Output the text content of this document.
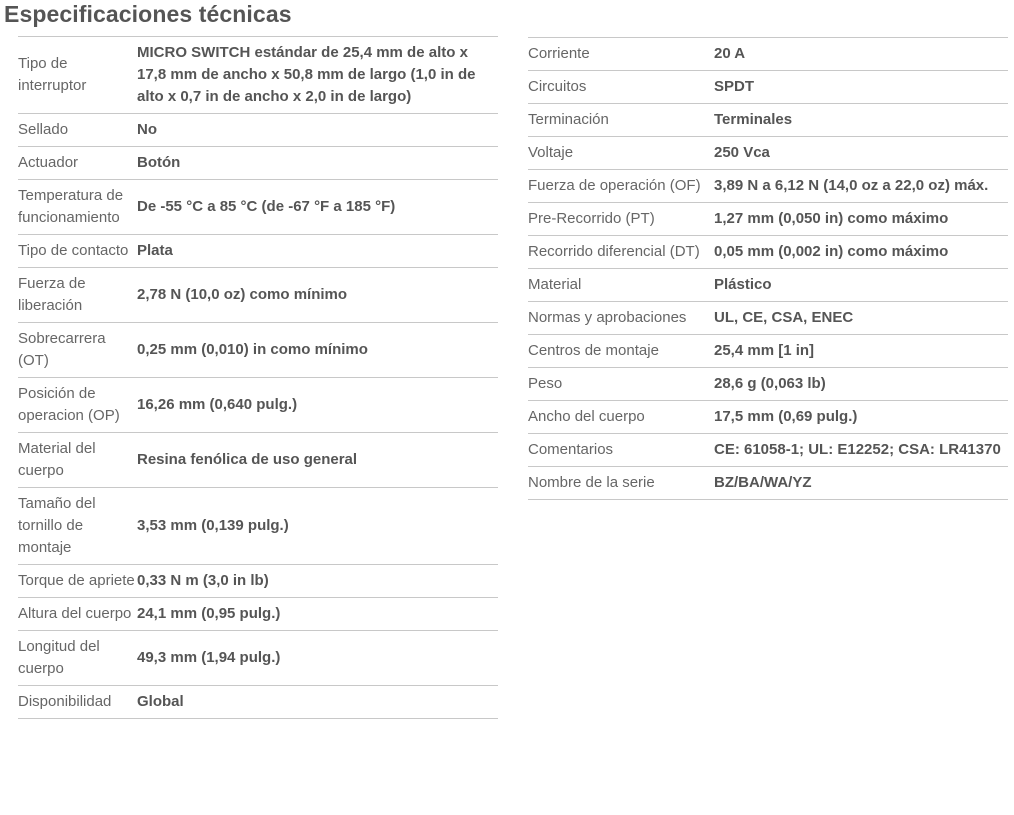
Especificaciones técnicas
Tipo de interruptor	MICRO SWITCH estándar de 25,4 mm de alto x 17,8 mm de ancho x 50,8 mm de largo (1,0 in de alto x 0,7 in de ancho x 2,0 in de largo)
Sellado	No
Actuador	Botón
Temperatura de funcionamiento	De -55 °C a 85 °C (de -67 °F a 185 °F)
Tipo de contacto	Plata
Fuerza de liberación	2,78 N (10,0 oz) como mínimo
Sobrecarrera (OT)	0,25 mm (0,010) in como mínimo
Posición de operacion (OP)	16,26 mm (0,640 pulg.)
Material del cuerpo	Resina fenólica de uso general
Tamaño del tornillo de montaje	3,53 mm (0,139 pulg.)
Torque de apriete	0,33 N m (3,0 in lb)
Altura del cuerpo	24,1 mm (0,95 pulg.)
Longitud del cuerpo	49,3 mm (1,94 pulg.)
Disponibilidad	Global
Corriente	20 A
Circuitos	SPDT
Terminación	Terminales
Voltaje	250 Vca
Fuerza de operación (OF)	3,89 N a 6,12 N (14,0 oz a 22,0 oz) máx.
Pre-Recorrido (PT)	1,27 mm (0,050 in) como máximo
Recorrido diferencial (DT)	0,05 mm (0,002 in) como máximo
Material	Plástico
Normas y aprobaciones	UL, CE, CSA, ENEC
Centros de montaje	25,4 mm [1 in]
Peso	28,6 g (0,063 lb)
Ancho del cuerpo	17,5 mm (0,69 pulg.)
Comentarios	CE: 61058-1; UL: E12252; CSA: LR41370
Nombre de la serie	BZ/BA/WA/YZ
